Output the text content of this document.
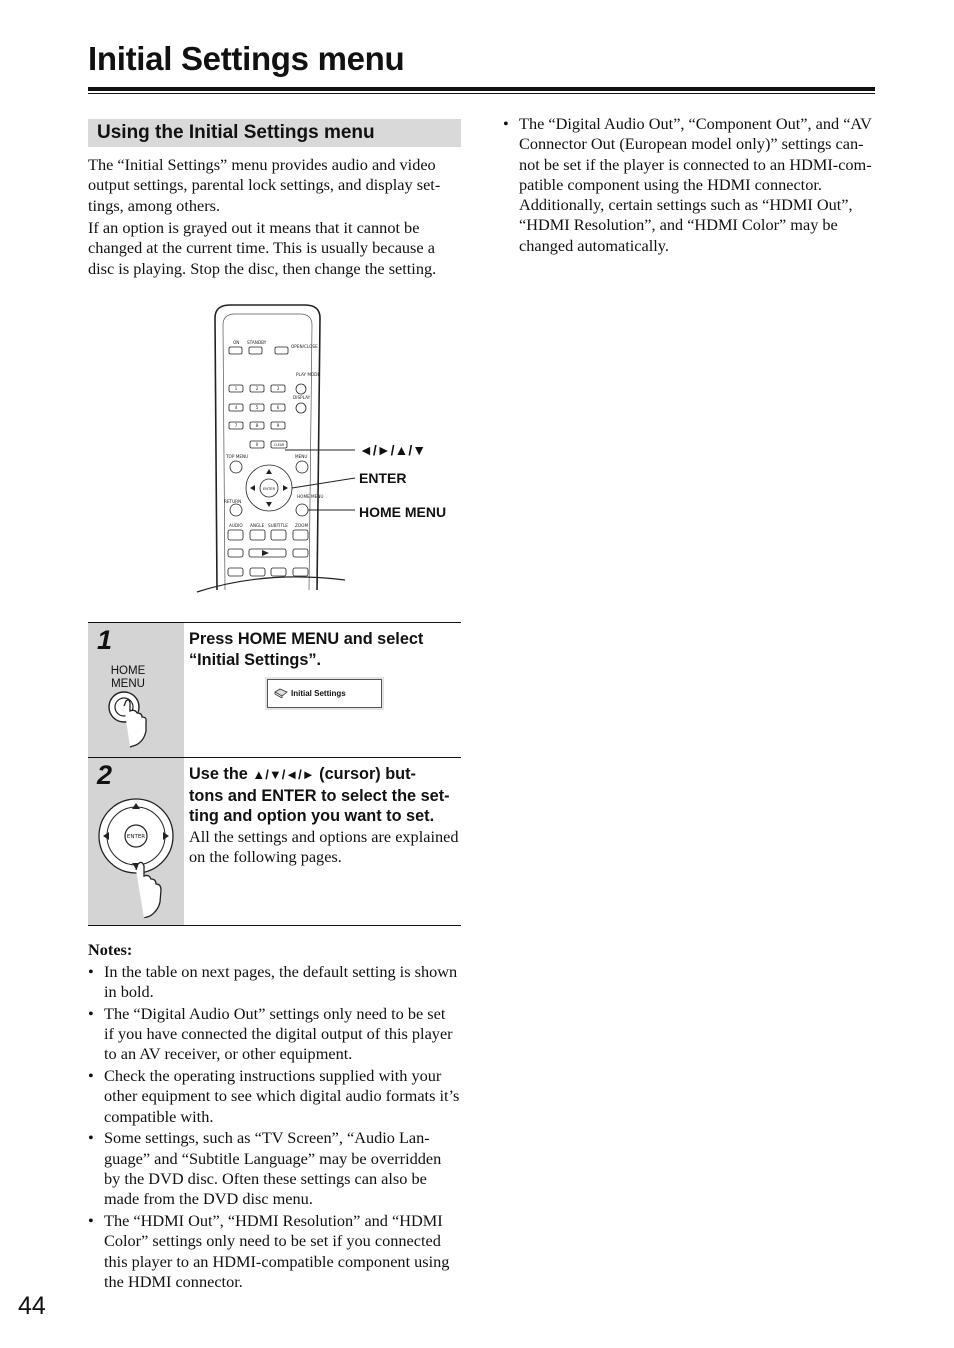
Initial Settings menu
Using the Initial Settings menu

The “Initial Settings” menu provides audio and video
output settings, parental lock settings, and display set-
tings, among others.

If an option is grayed out it means that it cannot be
changed at the current time. This is usually because a
disc is playing. Stop the disc, then change the setting.

• The “Digital Audio Out”, “Component Out”, and “AV
Connector Out (European model only)” settings can-
not be set if the player is connected to an HDMI-com-
patible component using the HDMI connector.
Additionally, certain settings such as “HDMI Out”,
“HDMI Resolution”, and “HDMI Color” may be
changed automatically.
ON STANDBY
OPEN/CLOSE
PLAY MODE
DISPLAY
TOP MENU	MENU
RETURN
HOME MENU
AUDIO ANGLE SUBTITLE ZOOM
1	2	3
4	5	6
7	8	9
0	CLEAR
ENTER
◄/►/▲/▼
ENTER
HOME MENU
1
HOME
MENU
Press HOME MENU and select
“Initial Settings”.
Initial Settings
2
ENTER
Use the ▲/▼/◄/► (cursor) but-
tons and ENTER to select the set-
ting and option you want to set.
All the settings and options are explained
on the following pages.
Notes:
• In the table on next pages, the default setting is shown
in bold.
• The “Digital Audio Out” settings only need to be set
if you have connected the digital output of this player
to an AV receiver, or other equipment.
• Check the operating instructions supplied with your
other equipment to see which digital audio formats it’s
compatible with.
• Some settings, such as “TV Screen”, “Audio Lan-
guage” and “Subtitle Language” may be overridden
by the DVD disc. Often these settings can also be
made from the DVD disc menu.
• The “HDMI Out”, “HDMI Resolution” and “HDMI
Color” settings only need to be set if you connected
this player to an HDMI-compatible component using
the HDMI connector.
44
